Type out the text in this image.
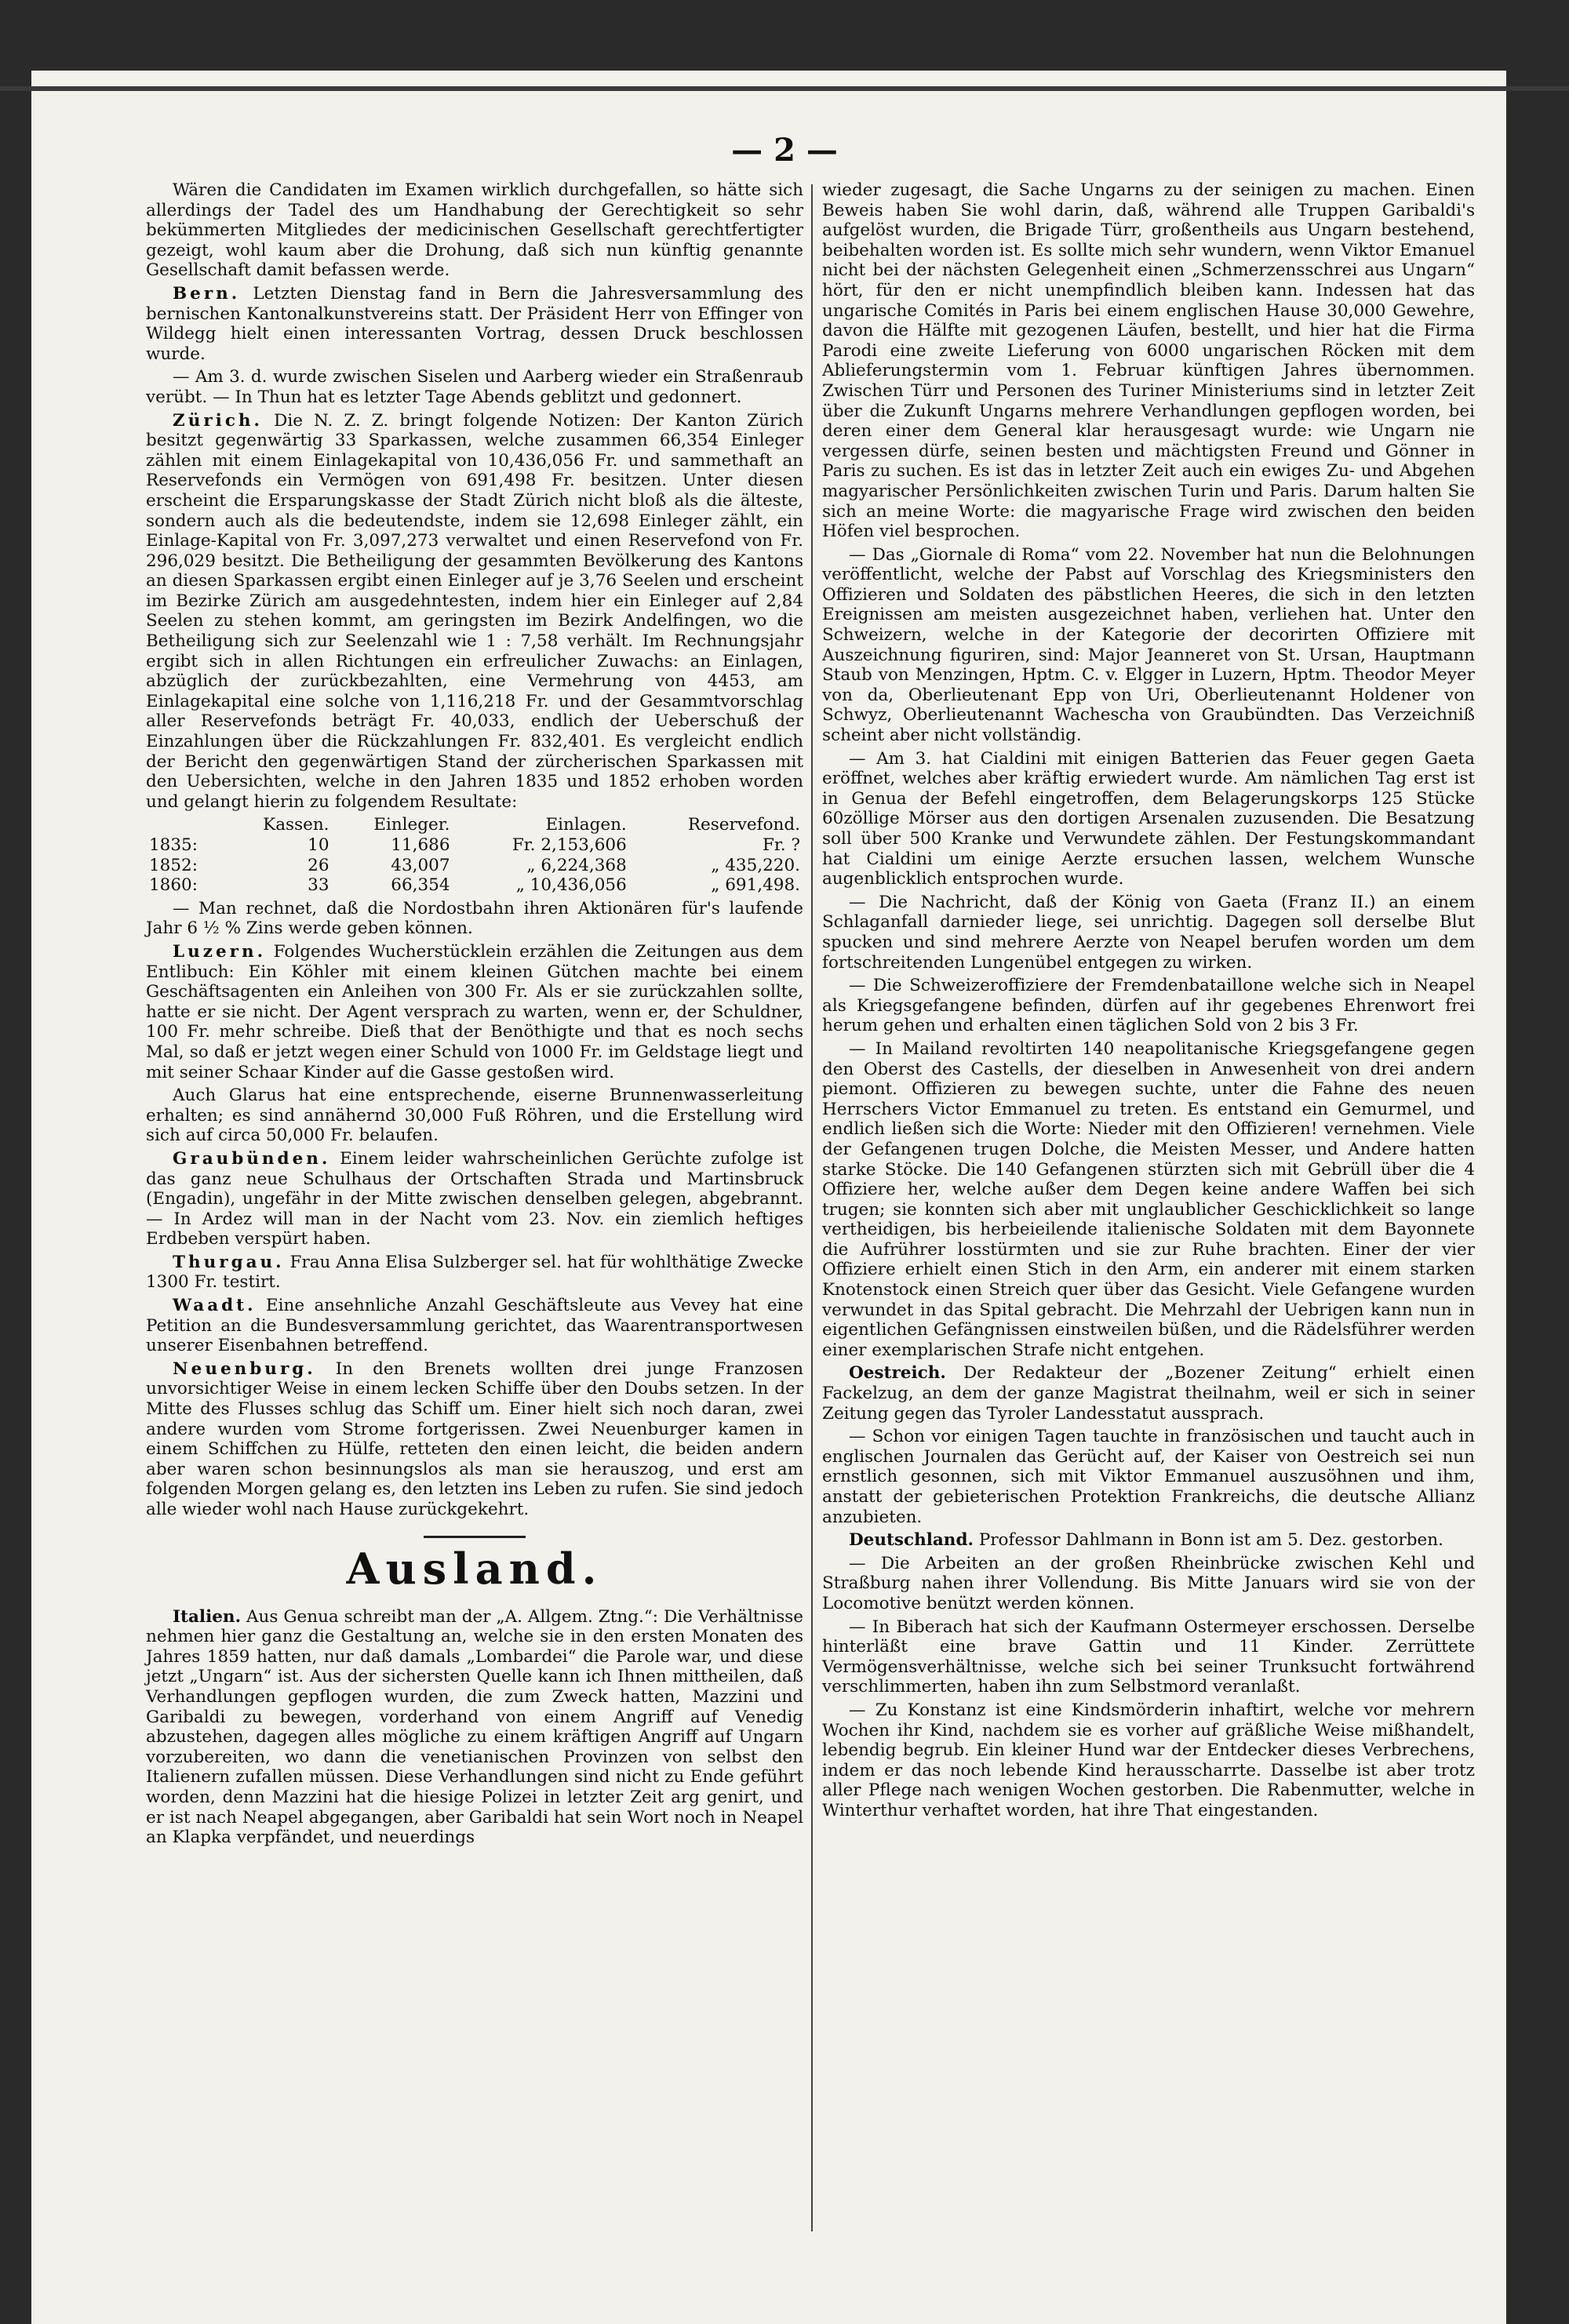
— 2 —

Wären die Candidaten im Examen wirklich durchgefallen, so hätte sich allerdings der Tadel des um Handhabung der Gerechtigkeit so sehr bekümmerten Mitgliedes der medicinischen Gesellschaft gerechtfertigter gezeigt, wohl kaum aber die Drohung, daß sich nun künftig genannte Gesellschaft damit befassen werde.

Bern. Letzten Dienstag fand in Bern die Jahresversammlung des bernischen Kantonalkunstvereins statt. Der Präsident Herr von Effinger von Wildegg hielt einen interessanten Vortrag, dessen Druck beschlossen wurde.

— Am 3. d. wurde zwischen Siselen und Aarberg wieder ein Straßenraub verübt. — In Thun hat es letzter Tage Abends geblitzt und gedonnert.

Zürich. Die N. Z. Z. bringt folgende Notizen: Der Kanton Zürich besitzt gegenwärtig 33 Sparkassen, welche zusammen 66,354 Einleger zählen mit einem Einlagekapital von 10,436,056 Fr. und sammethaft an Reservefonds ein Vermögen von 691,498 Fr. besitzen. Unter diesen erscheint die Ersparungskasse der Stadt Zürich nicht bloß als die älteste, sondern auch als die bedeutendste, indem sie 12,698 Einleger zählt, ein Einlage-Kapital von Fr. 3,097,273 verwaltet und einen Reservefond von Fr. 296,029 besitzt. Die Betheiligung der gesammten Bevölkerung des Kantons an diesen Sparkassen ergibt einen Einleger auf je 3,76 Seelen und erscheint im Bezirke Zürich am ausgedehntesten, indem hier ein Einleger auf 2,84 Seelen zu stehen kommt, am geringsten im Bezirk Andelfingen, wo die Betheiligung sich zur Seelenzahl wie 1 : 7,58 verhält. Im Rechnungsjahr ergibt sich in allen Richtungen ein erfreulicher Zuwachs: an Einlagen, abzüglich der zurückbezahlten, eine Vermehrung von 4453, am Einlagekapital eine solche von 1,116,218 Fr. und der Gesammtvorschlag aller Reservefonds beträgt Fr. 40,033, endlich der Ueberschuß der Einzahlungen über die Rückzahlungen Fr. 832,401. Es vergleicht endlich der Bericht den gegenwärtigen Stand der zürcherischen Sparkassen mit den Uebersichten, welche in den Jahren 1835 und 1852 erhoben worden und gelangt hierin zu folgendem Resultate:

	Kassen.	Einleger.	Einlagen.	Reservefond.
1835:	10	11,686	Fr. 2,153,606	Fr. ?
1852:	26	43,007	„ 6,224,368	„ 435,220.
1860:	33	66,354	„ 10,436,056	„ 691,498.

— Man rechnet, daß die Nordostbahn ihren Aktionären für's laufende Jahr 6 ½ % Zins werde geben können.

Luzern. Folgendes Wucherstücklein erzählen die Zeitungen aus dem Entlibuch: Ein Köhler mit einem kleinen Gütchen machte bei einem Geschäftsagenten ein Anleihen von 300 Fr. Als er sie zurückzahlen sollte, hatte er sie nicht. Der Agent versprach zu warten, wenn er, der Schuldner, 100 Fr. mehr schreibe. Dieß that der Benöthigte und that es noch sechs Mal, so daß er jetzt wegen einer Schuld von 1000 Fr. im Geldstage liegt und mit seiner Schaar Kinder auf die Gasse gestoßen wird.

Auch Glarus hat eine entsprechende, eiserne Brunnenwasserleitung erhalten; es sind annähernd 30,000 Fuß Röhren, und die Erstellung wird sich auf circa 50,000 Fr. belaufen.

Graubünden. Einem leider wahrscheinlichen Gerüchte zufolge ist das ganz neue Schulhaus der Ortschaften Strada und Martinsbruck (Engadin), ungefähr in der Mitte zwischen denselben gelegen, abgebrannt. — In Ardez will man in der Nacht vom 23. Nov. ein ziemlich heftiges Erdbeben verspürt haben.

Thurgau. Frau Anna Elisa Sulzberger sel. hat für wohlthätige Zwecke 1300 Fr. testirt.

Waadt. Eine ansehnliche Anzahl Geschäftsleute aus Vevey hat eine Petition an die Bundesversammlung gerichtet, das Waarentransportwesen unserer Eisenbahnen betreffend.

Neuenburg. In den Brenets wollten drei junge Franzosen unvorsichtiger Weise in einem lecken Schiffe über den Doubs setzen. In der Mitte des Flusses schlug das Schiff um. Einer hielt sich noch daran, zwei andere wurden vom Strome fortgerissen. Zwei Neuenburger kamen in einem Schiffchen zu Hülfe, retteten den einen leicht, die beiden andern aber waren schon besinnungslos als man sie herauszog, und erst am folgenden Morgen gelang es, den letzten ins Leben zu rufen. Sie sind jedoch alle wieder wohl nach Hause zurückgekehrt.

Ausland.

Italien. Aus Genua schreibt man der „A. Allgem. Ztng.“: Die Verhältnisse nehmen hier ganz die Gestaltung an, welche sie in den ersten Monaten des Jahres 1859 hatten, nur daß damals „Lombardei“ die Parole war, und diese jetzt „Ungarn“ ist. Aus der sichersten Quelle kann ich Ihnen mittheilen, daß Verhandlungen gepflogen wurden, die zum Zweck hatten, Mazzini und Garibaldi zu bewegen, vorderhand von einem Angriff auf Venedig abzustehen, dagegen alles mögliche zu einem kräftigen Angriff auf Ungarn vorzubereiten, wo dann die venetianischen Provinzen von selbst den Italienern zufallen müssen. Diese Verhandlungen sind nicht zu Ende geführt worden, denn Mazzini hat die hiesige Polizei in letzter Zeit arg genirt, und er ist nach Neapel abgegangen, aber Garibaldi hat sein Wort noch in Neapel an Klapka verpfändet, und neuerdings

wieder zugesagt, die Sache Ungarns zu der seinigen zu machen. Einen Beweis haben Sie wohl darin, daß, während alle Truppen Garibaldi's aufgelöst wurden, die Brigade Türr, großentheils aus Ungarn bestehend, beibehalten worden ist. Es sollte mich sehr wundern, wenn Viktor Emanuel nicht bei der nächsten Gelegenheit einen „Schmerzensschrei aus Ungarn“ hört, für den er nicht unempfindlich bleiben kann. Indessen hat das ungarische Comités in Paris bei einem englischen Hause 30,000 Gewehre, davon die Hälfte mit gezogenen Läufen, bestellt, und hier hat die Firma Parodi eine zweite Lieferung von 6000 ungarischen Röcken mit dem Ablieferungstermin vom 1. Februar künftigen Jahres übernommen. Zwischen Türr und Personen des Turiner Ministeriums sind in letzter Zeit über die Zukunft Ungarns mehrere Verhandlungen gepflogen worden, bei deren einer dem General klar herausgesagt wurde: wie Ungarn nie vergessen dürfe, seinen besten und mächtigsten Freund und Gönner in Paris zu suchen. Es ist das in letzter Zeit auch ein ewiges Zu- und Abgehen magyarischer Persönlichkeiten zwischen Turin und Paris. Darum halten Sie sich an meine Worte: die magyarische Frage wird zwischen den beiden Höfen viel besprochen.

— Das „Giornale di Roma“ vom 22. November hat nun die Belohnungen veröffentlicht, welche der Pabst auf Vorschlag des Kriegsministers den Offizieren und Soldaten des päbstlichen Heeres, die sich in den letzten Ereignissen am meisten ausgezeichnet haben, verliehen hat. Unter den Schweizern, welche in der Kategorie der decorirten Offiziere mit Auszeichnung figuriren, sind: Major Jeanneret von St. Ursan, Hauptmann Staub von Menzingen, Hptm. C. v. Elgger in Luzern, Hptm. Theodor Meyer von da, Oberlieutenant Epp von Uri, Oberlieutenannt Holdener von Schwyz, Oberlieutenannt Wachescha von Graubündten. Das Verzeichniß scheint aber nicht vollständig.

— Am 3. hat Cialdini mit einigen Batterien das Feuer gegen Gaeta eröffnet, welches aber kräftig erwiedert wurde. Am nämlichen Tag erst ist in Genua der Befehl eingetroffen, dem Belagerungskorps 125 Stücke 60zöllige Mörser aus den dortigen Arsenalen zuzusenden. Die Besatzung soll über 500 Kranke und Verwundete zählen. Der Festungskommandant hat Cialdini um einige Aerzte ersuchen lassen, welchem Wunsche augenblicklich entsprochen wurde.

— Die Nachricht, daß der König von Gaeta (Franz II.) an einem Schlaganfall darnieder liege, sei unrichtig. Dagegen soll derselbe Blut spucken und sind mehrere Aerzte von Neapel berufen worden um dem fortschreitenden Lungenübel entgegen zu wirken.

— Die Schweizeroffiziere der Fremdenbataillone welche sich in Neapel als Kriegsgefangene befinden, dürfen auf ihr gegebenes Ehrenwort frei herum gehen und erhalten einen täglichen Sold von 2 bis 3 Fr.

— In Mailand revoltirten 140 neapolitanische Kriegsgefangene gegen den Oberst des Castells, der dieselben in Anwesenheit von drei andern piemont. Offizieren zu bewegen suchte, unter die Fahne des neuen Herrschers Victor Emmanuel zu treten. Es entstand ein Gemurmel, und endlich ließen sich die Worte: Nieder mit den Offizieren! vernehmen. Viele der Gefangenen trugen Dolche, die Meisten Messer, und Andere hatten starke Stöcke. Die 140 Gefangenen stürzten sich mit Gebrüll über die 4 Offiziere her, welche außer dem Degen keine andere Waffen bei sich trugen; sie konnten sich aber mit unglaublicher Geschicklichkeit so lange vertheidigen, bis herbeieilende italienische Soldaten mit dem Bayonnete die Aufrührer losstürmten und sie zur Ruhe brachten. Einer der vier Offiziere erhielt einen Stich in den Arm, ein anderer mit einem starken Knotenstock einen Streich quer über das Gesicht. Viele Gefangene wurden verwundet in das Spital gebracht. Die Mehrzahl der Uebrigen kann nun in eigentlichen Gefängnissen einstweilen büßen, und die Rädelsführer werden einer exemplarischen Strafe nicht entgehen.

Oestreich. Der Redakteur der „Bozener Zeitung“ erhielt einen Fackelzug, an dem der ganze Magistrat theilnahm, weil er sich in seiner Zeitung gegen das Tyroler Landesstatut aussprach.

— Schon vor einigen Tagen tauchte in französischen und taucht auch in englischen Journalen das Gerücht auf, der Kaiser von Oestreich sei nun ernstlich gesonnen, sich mit Viktor Emmanuel auszusöhnen und ihm, anstatt der gebieterischen Protektion Frankreichs, die deutsche Allianz anzubieten.

Deutschland. Professor Dahlmann in Bonn ist am 5. Dez. gestorben.

— Die Arbeiten an der großen Rheinbrücke zwischen Kehl und Straßburg nahen ihrer Vollendung. Bis Mitte Januars wird sie von der Locomotive benützt werden können.

— In Biberach hat sich der Kaufmann Ostermeyer erschossen. Derselbe hinterläßt eine brave Gattin und 11 Kinder. Zerrüttete Vermögensverhältnisse, welche sich bei seiner Trunksucht fortwährend verschlimmerten, haben ihn zum Selbstmord veranlaßt.

— Zu Konstanz ist eine Kindsmörderin inhaftirt, welche vor mehrern Wochen ihr Kind, nachdem sie es vorher auf gräßliche Weise mißhandelt, lebendig begrub. Ein kleiner Hund war der Entdecker dieses Verbrechens, indem er das noch lebende Kind herausscharrte. Dasselbe ist aber trotz aller Pflege nach wenigen Wochen gestorben. Die Rabenmutter, welche in Winterthur verhaftet worden, hat ihre That eingestanden.
